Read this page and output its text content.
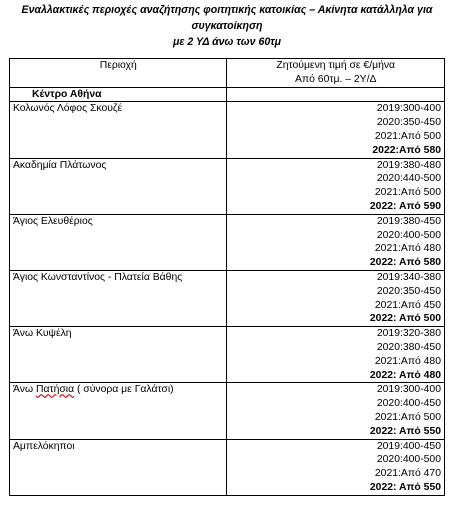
Εναλλακτικές περιοχές αναζήτησης φοιτητικής κατοικίας – Ακίνητα κατάλληλα για συγκατοίκηση
με 2 ΥΔ άνω των 60τμ
Περιοχή	Ζητούμενη τιμή σε €/μήνα
Από 60τμ. – 2Υ/Δ

Κέντρο Αθήνα	
Κολωνός Λόφος Σκουζέ	2019:300-400
2020:350-450
2021:Από 500
2022:Από 580

Ακαδημία Πλάτωνος	2019:380-480
2020:440-500
2021:Από 500
2022: Από 590

Άγιος Ελευθέριος	2019:380-450
2020:400-500
2021:Από 480
2022: Από 580

Άγιος Κωνσταντίνος - Πλατεία Βάθης	2019:340-380
2020:350-450
2021:Από 450
2022: Από 500

Άνω Κυψέλη	2019:320-380
2020:380-450
2021:Από 480
2022: Από 480

Άνω Πατήσια ( σύνορα με Γαλάτσι)	2019:300-400
2020:400-450
2021:Από 500
2022: Από 550

Αμπελόκηποι	2019:400-450
2020:400-500
2021:Από 470
2022: Από 550
